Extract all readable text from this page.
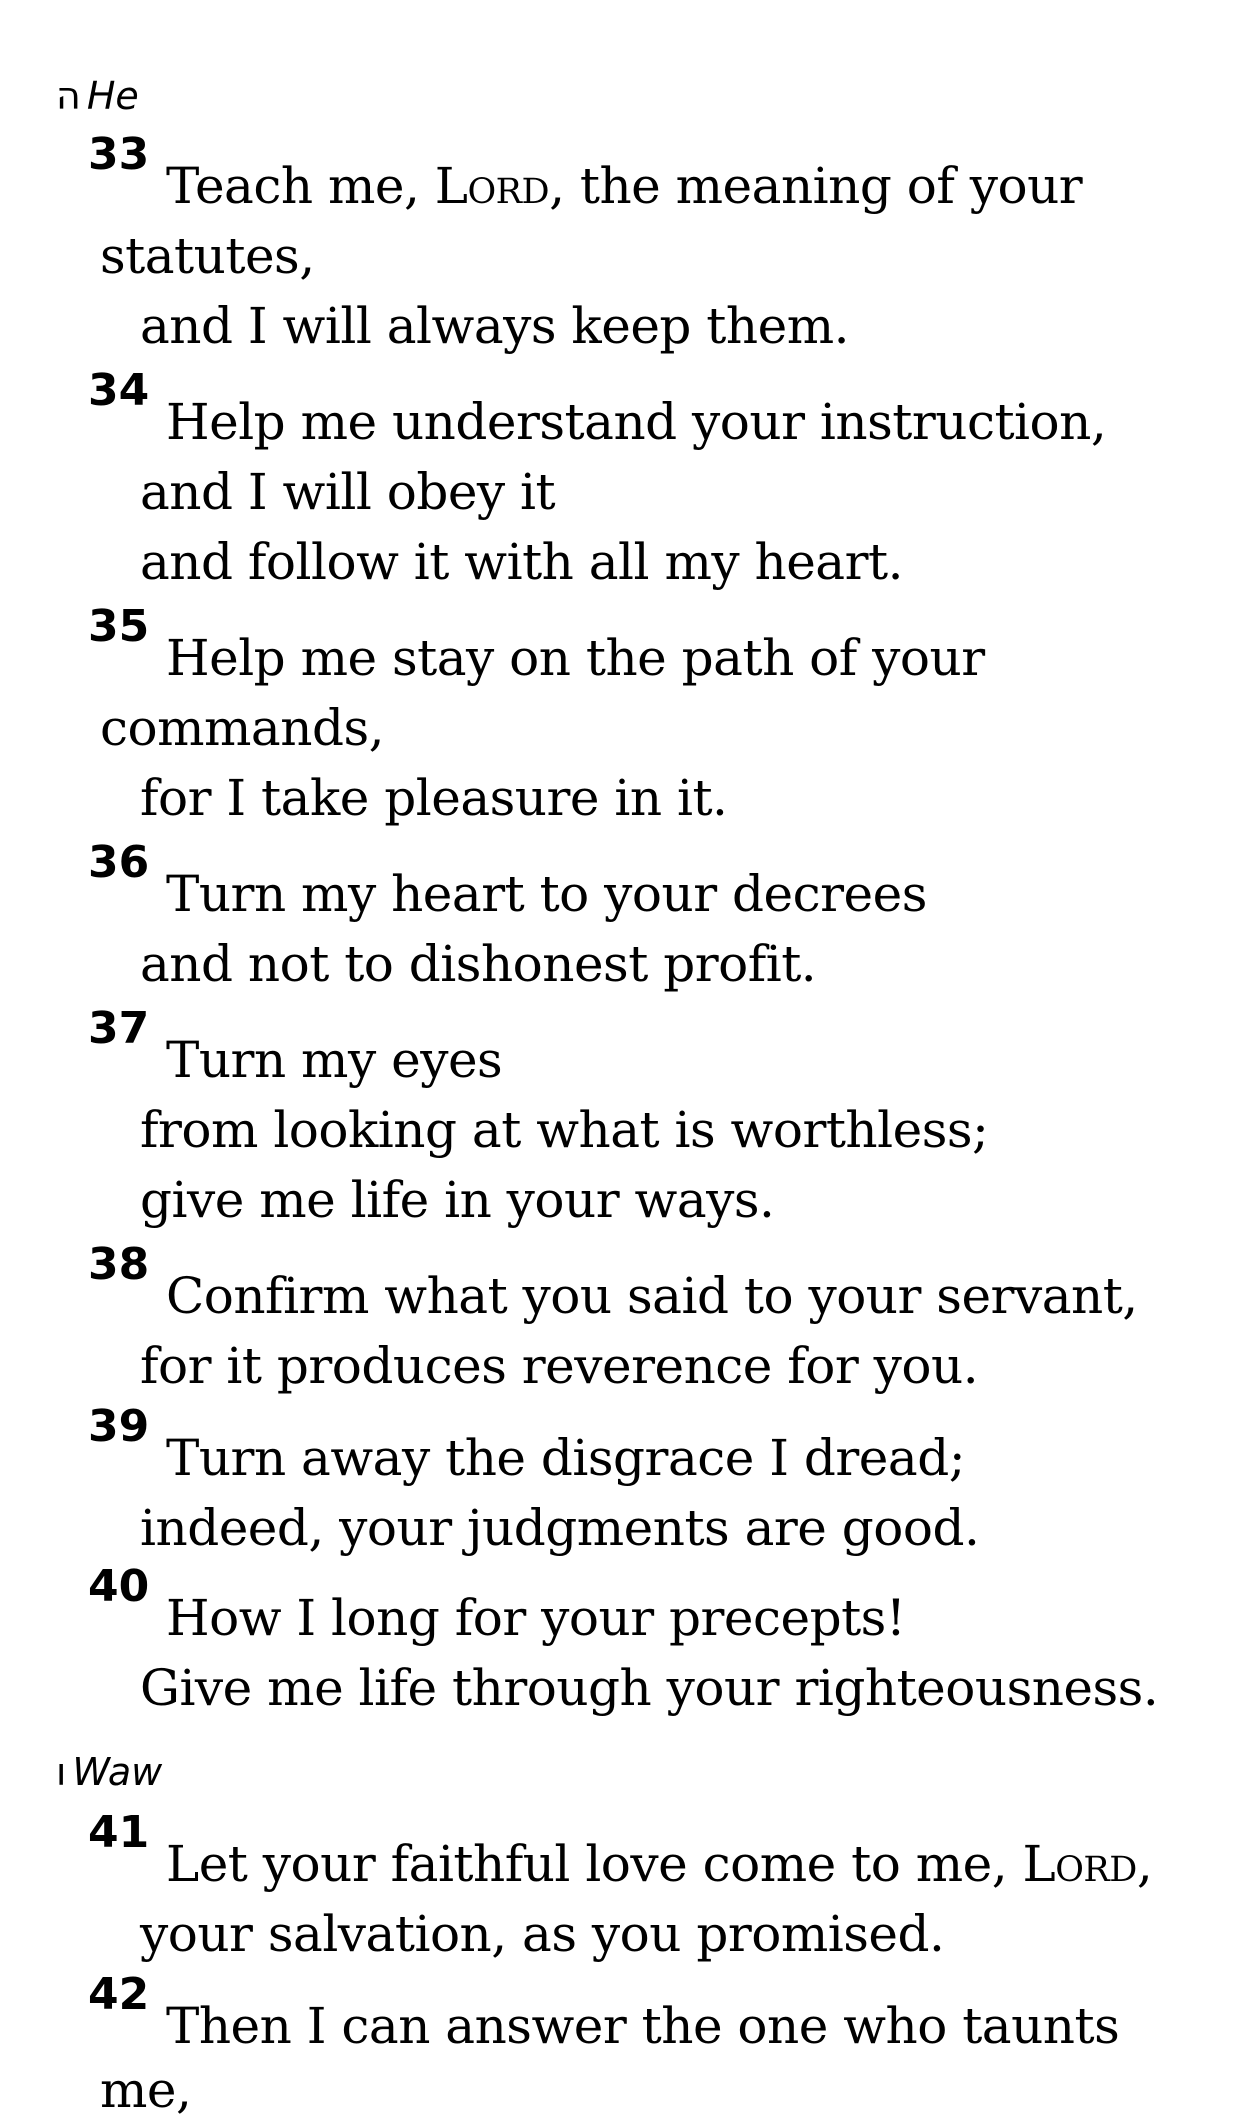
ה He
33
Teach me, Lord, the meaning of your
statutes,
and I will always keep them.
34
Help me understand your instruction,
and I will obey it
and follow it with all my heart.
35
Help me stay on the path of your
commands,
for I take pleasure in it.
36
Turn my heart to your decrees
and not to dishonest profit.
37
Turn my eyes
from looking at what is worthless;
give me life in your ways.
38
Confirm what you said to your servant,
for it produces reverence for you.
39
Turn away the disgrace I dread;
indeed, your judgments are good.
40
How I long for your precepts!
Give me life through your righteousness.
ו Waw
41
Let your faithful love come to me, Lord,
your salvation, as you promised.
42
Then I can answer the one who taunts
me,
